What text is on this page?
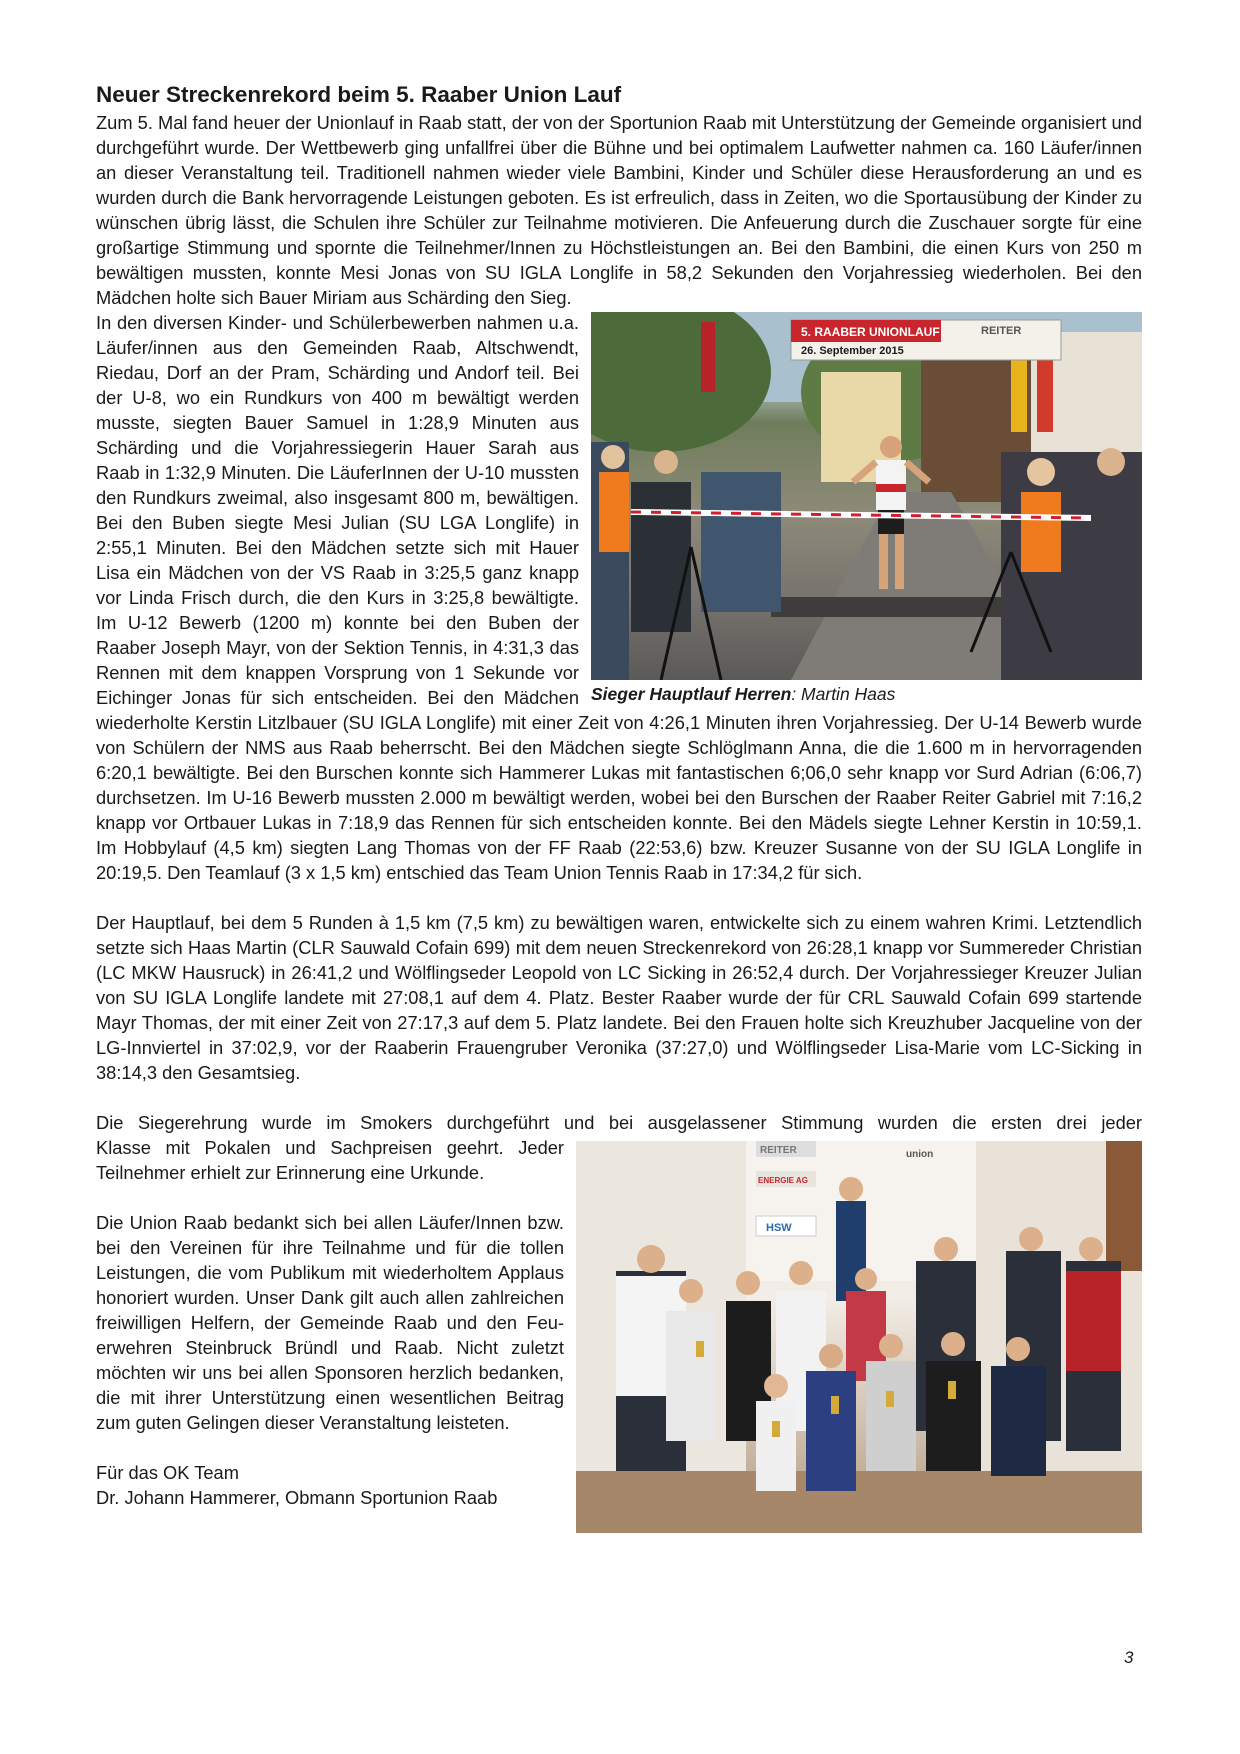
Neuer Streckenrekord beim 5. Raaber Union Lauf

Zum 5. Mal fand heuer der Unionlauf in Raab statt, der von der Sportunion Raab mit Unterstützung der Gemeinde organisiert und durchgeführt wurde. Der Wettbewerb ging unfallfrei über die Bühne und bei optimalem Laufwetter nahmen ca. 160 Läufer/innen an dieser Veranstaltung teil. Traditionell nahmen wieder viele Bambini, Kinder und Schüler diese Herausforderung an und es wurden durch die Bank hervorragende Leistungen geboten. Es ist erfreulich, dass in Zeiten, wo die Sportausübung der Kinder zu wünschen übrig lässt, die Schulen ihre Schüler zur Teilnahme motivieren. Die Anfeuerung durch die Zuschauer sorgte für eine großartige Stimmung und spornte die Teilnehmer/Innen zu Höchstleistungen an. Bei den Bambini, die einen Kurs von 250 m bewältigen mussten, konnte Mesi Jonas von SU IGLA Longlife in 58,2 Sekunden den Vorjahressieg wiederholen. Bei den Mädchen holte sich Bauer Miriam aus Schärding den Sieg.

5. RAABER UNIONLAUF
26. September 2015
REITER
Sieger Hauptlauf Herren: Martin Haas

In den diversen Kinder- und Schülerbewerben nahmen u.a. Läufer/innen aus den Gemeinden Raab, Altschwendt, Riedau, Dorf an der Pram, Schärding und Andorf teil. Bei der U-8, wo ein Rundkurs von 400 m bewältigt werden musste, siegten Bauer Samuel in 1:28,9 Minuten aus Schärding und die Vorjahressiegerin Hauer Sarah aus Raab in 1:32,9 Minuten. Die LäuferInnen der U-10 mussten den Rundkurs zweimal, also insgesamt 800 m, bewältigen. Bei den Buben siegte Mesi Julian (SU LGA Longlife) in 2:55,1 Minuten. Bei den Mädchen setzte sich mit Hauer Lisa ein Mädchen von der VS Raab in 3:25,5 ganz knapp vor Linda Frisch durch, die den Kurs in 3:25,8 bewältigte. Im U-12 Bewerb (1200 m) konnte bei den Buben der Raaber Joseph Mayr, von der Sektion Tennis, in 4:31,3 das Rennen mit dem knappen Vorsprung von 1 Sekunde vor Eichinger Jonas für sich entscheiden. Bei den Mädchen wiederholte Kerstin Litzlbauer (SU IGLA Longlife) mit einer Zeit von 4:26,1 Minuten ihren Vorjahressieg. Der U-14 Bewerb wurde von Schülern der NMS aus Raab beherrscht. Bei den Mädchen siegte Schlöglmann Anna, die die 1.600 m in hervorragenden 6:20,1 bewältigte. Bei den Burschen konnte sich Hammerer Lukas mit fantastischen 6;06,0 sehr knapp vor Surd Adrian (6:06,7) durchsetzen. Im U-16 Bewerb mussten 2.000 m bewältigt werden, wobei bei den Burschen der Raaber Reiter Gabriel mit 7:16,2 knapp vor Ortbauer Lukas in 7:18,9 das Rennen für sich entscheiden konnte. Bei den Mädels siegte Lehner Kerstin in 10:59,1. Im Hobbylauf (4,5 km) siegten Lang Thomas von der FF Raab (22:53,6) bzw. Kreuzer Susanne von der SU IGLA Longlife in 20:19,5. Den Teamlauf (3 x 1,5 km) entschied das Team Union Tennis Raab in 17:34,2 für sich.

Der Hauptlauf, bei dem 5 Runden à 1,5 km (7,5 km) zu bewältigen waren, entwickelte sich zu einem wahren Krimi. Letztendlich setzte sich Haas Martin (CLR Sauwald Cofain 699) mit dem neuen Streckenrekord von 26:28,1 knapp vor Summereder Christian (LC MKW Hausruck) in 26:41,2 und Wölflingseder Leopold von LC Sicking in 26:52,4 durch. Der Vorjahressieger Kreuzer Julian von SU IGLA Longlife landete mit 27:08,1 auf dem 4. Platz. Bester Raaber wurde der für CRL Sauwald Cofain 699 startende Mayr Thomas, der mit einer Zeit von 27:17,3 auf dem 5. Platz landete. Bei den Frauen holte sich Kreuzhuber Jacqueline von der LG-Innviertel in 37:02,9, vor der Raaberin Frauengruber Veronika (37:27,0) und Wölflingseder Lisa-Marie vom LC-Sicking in 38:14,3 den Gesamtsieg.

Die Siegerehrung wurde im Smokers durchgeführt und bei ausgelassener Stimmung wurden die ersten drei jeder

REITER
ENERGIE AG
union
HSW

Klasse mit Pokalen und Sachpreisen geehrt. Jeder Teilnehmer erhielt zur Erinnerung eine Urkunde.

Die Union Raab bedankt sich bei allen Läufer/Innen bzw. bei den Vereinen für ihre Teilnahme und für die tollen Leistungen, die vom Publikum mit wiederholtem Applaus honoriert wurden. Unser Dank gilt auch allen zahlreichen freiwilligen Helfern, der Gemeinde Raab und den Feu-erwehren Steinbruck Bründl und Raab. Nicht zuletzt möchten wir uns bei allen Sponsoren herzlich bedanken, die mit ihrer Unterstützung einen wesentlichen Beitrag zum guten Gelingen dieser Veranstaltung leisteten.

Für das OK Team

Dr. Johann Hammerer, Obmann Sportunion Raab

3
